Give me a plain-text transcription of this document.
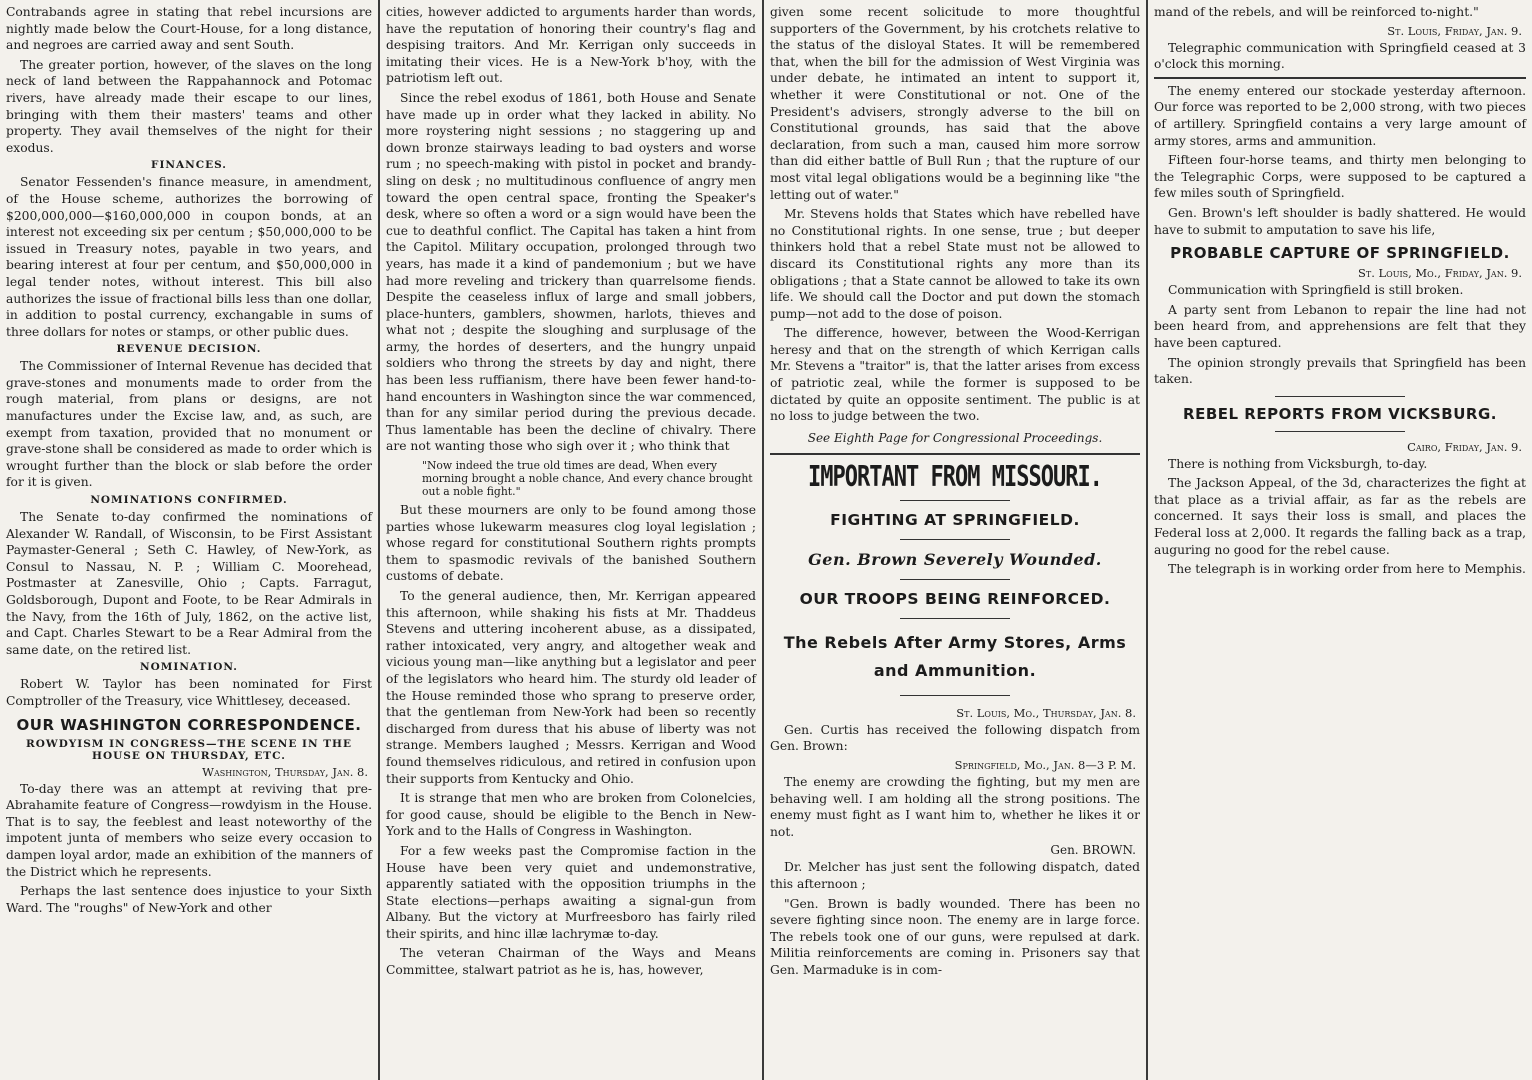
Contrabands agree in stating that rebel incursions are nightly made below the Court-House, for a long distance, and negroes are carried away and sent South.

The greater portion, however, of the slaves on the long neck of land between the Rappahannock and Potomac rivers, have already made their escape to our lines, bringing with them their masters' teams and other property. They avail themselves of the night for their exodus.

FINANCES.

Senator Fessenden's finance measure, in amendment, of the House scheme, authorizes the borrowing of $200,000,000—$160,000,000 in coupon bonds, at an interest not exceeding six per centum ; $50,000,000 to be issued in Treasury notes, payable in two years, and bearing interest at four per centum, and $50,000,000 in legal tender notes, without interest. This bill also authorizes the issue of fractional bills less than one dollar, in addition to postal currency, exchangable in sums of three dollars for notes or stamps, or other public dues.

REVENUE DECISION.

The Commissioner of Internal Revenue has decided that grave-stones and monuments made to order from the rough material, from plans or designs, are not manufactures under the Excise law, and, as such, are exempt from taxation, provided that no monument or grave-stone shall be considered as made to order which is wrought further than the block or slab before the order for it is given.

NOMINATIONS CONFIRMED.

The Senate to-day confirmed the nominations of Alexander W. Randall, of Wisconsin, to be First Assistant Paymaster-General ; Seth C. Hawley, of New-York, as Consul to Nassau, N. P. ; William C. Moorehead, Postmaster at Zanesville, Ohio ; Capts. Farragut, Goldsborough, Dupont and Foote, to be Rear Admirals in the Navy, from the 16th of July, 1862, on the active list, and Capt. Charles Stewart to be a Rear Admiral from the same date, on the retired list.

NOMINATION.

Robert W. Taylor has been nominated for First Comptroller of the Treasury, vice Whittlesey, deceased.

OUR WASHINGTON CORRESPONDENCE.
ROWDYISM IN CONGRESS—THE SCENE IN THE HOUSE ON THURSDAY, ETC.
Washington, Thursday, Jan. 8.

To-day there was an attempt at reviving that pre-Abrahamite feature of Congress—rowdyism in the House. That is to say, the feeblest and least noteworthy of the impotent junta of members who seize every occasion to dampen loyal ardor, made an exhibition of the manners of the District which he represents.

Perhaps the last sentence does injustice to your Sixth Ward. The "roughs" of New-York and other

cities, however addicted to arguments harder than words, have the reputation of honoring their country's flag and despising traitors. And Mr. Kerrigan only succeeds in imitating their vices. He is a New-York b'hoy, with the patriotism left out.

Since the rebel exodus of 1861, both House and Senate have made up in order what they lacked in ability. No more roystering night sessions ; no staggering up and down bronze stairways leading to bad oysters and worse rum ; no speech-making with pistol in pocket and brandy-sling on desk ; no multitudinous confluence of angry men toward the open central space, fronting the Speaker's desk, where so often a word or a sign would have been the cue to deathful conflict. The Capital has taken a hint from the Capitol. Military occupation, prolonged through two years, has made it a kind of pandemonium ; but we have had more reveling and trickery than quarrelsome fiends. Despite the ceaseless influx of large and small jobbers, place-hunters, gamblers, showmen, harlots, thieves and what not ; despite the sloughing and surplusage of the army, the hordes of deserters, and the hungry unpaid soldiers who throng the streets by day and night, there has been less ruffianism, there have been fewer hand-to-hand encounters in Washington since the war commenced, than for any similar period during the previous decade. Thus lamentable has been the decline of chivalry. There are not wanting those who sigh over it ; who think that

"Now indeed the true old times are dead, When every morning brought a noble chance, And every chance brought out a noble fight."

But these mourners are only to be found among those parties whose lukewarm measures clog loyal legislation ; whose regard for constitutional Southern rights prompts them to spasmodic revivals of the banished Southern customs of debate.

To the general audience, then, Mr. Kerrigan appeared this afternoon, while shaking his fists at Mr. Thaddeus Stevens and uttering incoherent abuse, as a dissipated, rather intoxicated, very angry, and altogether weak and vicious young man—like anything but a legislator and peer of the legislators who heard him. The sturdy old leader of the House reminded those who sprang to preserve order, that the gentleman from New-York had been so recently discharged from duress that his abuse of liberty was not strange. Members laughed ; Messrs. Kerrigan and Wood found themselves ridiculous, and retired in confusion upon their supports from Kentucky and Ohio.

It is strange that men who are broken from Colonelcies, for good cause, should be eligible to the Bench in New-York and to the Halls of Congress in Washington.

For a few weeks past the Compromise faction in the House have been very quiet and undemonstrative, apparently satiated with the opposition triumphs in the State elections—perhaps awaiting a signal-gun from Albany. But the victory at Murfreesboro has fairly riled their spirits, and hinc illæ lachrymæ to-day.

The veteran Chairman of the Ways and Means Committee, stalwart patriot as he is, has, however,

given some recent solicitude to more thoughtful supporters of the Government, by his crotchets relative to the status of the disloyal States. It will be remembered that, when the bill for the admission of West Virginia was under debate, he intimated an intent to support it, whether it were Constitutional or not. One of the President's advisers, strongly adverse to the bill on Constitutional grounds, has said that the above declaration, from such a man, caused him more sorrow than did either battle of Bull Run ; that the rupture of our most vital legal obligations would be a beginning like "the letting out of water."

Mr. Stevens holds that States which have rebelled have no Constitutional rights. In one sense, true ; but deeper thinkers hold that a rebel State must not be allowed to discard its Constitutional rights any more than its obligations ; that a State cannot be allowed to take its own life. We should call the Doctor and put down the stomach pump—not add to the dose of poison.

The difference, however, between the Wood-Kerrigan heresy and that on the strength of which Kerrigan calls Mr. Stevens a "traitor" is, that the latter arises from excess of patriotic zeal, while the former is supposed to be dictated by quite an opposite sentiment. The public is at no loss to judge between the two.

See Eighth Page for Congressional Proceedings.
IMPORTANT FROM MISSOURI.
FIGHTING AT SPRINGFIELD.
Gen. Brown Severely Wounded.
OUR TROOPS BEING REINFORCED.
The Rebels After Army Stores, Arms and Ammunition.
St. Louis, Mo., Thursday, Jan. 8.

Gen. Curtis has received the following dispatch from Gen. Brown:

Springfield, Mo., Jan. 8—3 P. M.

The enemy are crowding the fighting, but my men are behaving well. I am holding all the strong positions. The enemy must fight as I want him to, whether he likes it or not.

Gen. BROWN.

Dr. Melcher has just sent the following dispatch, dated this afternoon ;

"Gen. Brown is badly wounded. There has been no severe fighting since noon. The enemy are in large force. The rebels took one of our guns, were repulsed at dark. Militia reinforcements are coming in. Prisoners say that Gen. Marmaduke is in com-

mand of the rebels, and will be reinforced to-night."

St. Louis, Friday, Jan. 9.

Telegraphic communication with Springfield ceased at 3 o'clock this morning.

The enemy entered our stockade yesterday afternoon. Our force was reported to be 2,000 strong, with two pieces of artillery. Springfield contains a very large amount of army stores, arms and ammunition.

Fifteen four-horse teams, and thirty men belonging to the Telegraphic Corps, were supposed to be captured a few miles south of Springfield.

Gen. Brown's left shoulder is badly shattered. He would have to submit to amputation to save his life,

PROBABLE CAPTURE OF SPRINGFIELD.
St. Louis, Mo., Friday, Jan. 9.

Communication with Springfield is still broken.

A party sent from Lebanon to repair the line had not been heard from, and apprehensions are felt that they have been captured.

The opinion strongly prevails that Springfield has been taken.

REBEL REPORTS FROM VICKSBURG.
Cairo, Friday, Jan. 9.

There is nothing from Vicksburgh, to-day.

The Jackson Appeal, of the 3d, characterizes the fight at that place as a trivial affair, as far as the rebels are concerned. It says their loss is small, and places the Federal loss at 2,000. It regards the falling back as a trap, auguring no good for the rebel cause.

The telegraph is in working order from here to Memphis.
